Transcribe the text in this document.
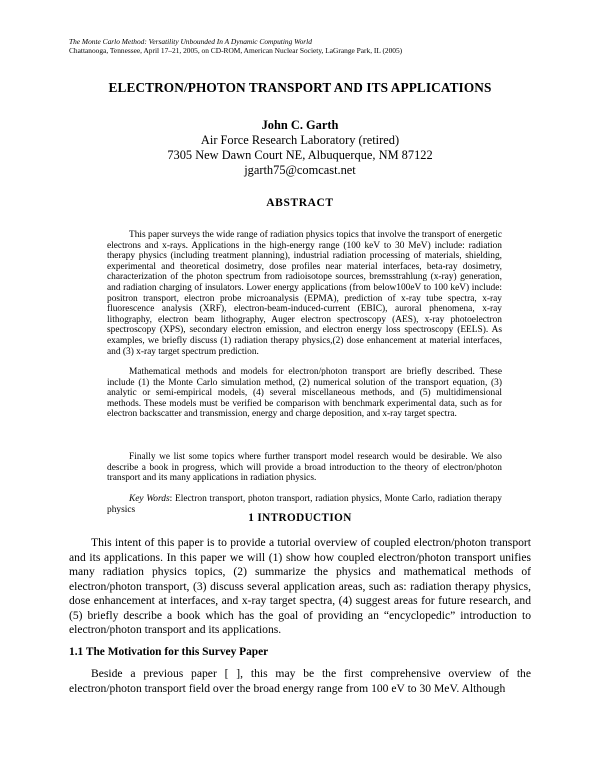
The Monte Carlo Method: Versatility Unbounded In A Dynamic Computing World
Chattanooga, Tennessee, April 17–21, 2005, on CD-ROM, American Nuclear Society, LaGrange Park, IL (2005)
ELECTRON/PHOTON TRANSPORT AND ITS APPLICATIONS
John C. Garth
Air Force Research Laboratory (retired)
7305 New Dawn Court NE, Albuquerque, NM 87122
jgarth75@comcast.net
ABSTRACT

This paper surveys the wide range of radiation physics topics that involve the transport of energetic electrons and x-rays. Applications in the high-energy range (100 keV to 30 MeV) include: radiation therapy physics (including treatment planning), industrial radiation processing of materials, shielding, experimental and theoretical dosimetry, dose profiles near material interfaces, beta-ray dosimetry, characterization of the photon spectrum from radioisotope sources, bremsstrahlung (x-ray) generation, and radiation charging of insulators. Lower energy applications (from below100eV to 100 keV) include: positron transport, electron probe microanalysis (EPMA), prediction of x-ray tube spectra, x-ray fluorescence analysis (XRF), electron-beam-induced-current (EBIC), auroral phenomena, x-ray lithography, electron beam lithography, Auger electron spectroscopy (AES), x-ray photoelectron spectroscopy (XPS), secondary electron emission, and electron energy loss spectroscopy (EELS). As examples, we briefly discuss (1) radiation therapy physics,(2) dose enhancement at material interfaces, and (3) x-ray target spectrum prediction.

Mathematical methods and models for electron/photon transport are briefly described. These include (1) the Monte Carlo simulation method, (2) numerical solution of the transport equation, (3) analytic or semi-empirical models, (4) several miscellaneous methods, and (5) multidimensional methods. These models must be verified be comparison with benchmark experimental data, such as for electron backscatter and transmission, energy and charge deposition, and x-ray target spectra.

Finally we list some topics where further transport model research would be desirable. We also describe a book in progress, which will provide a broad introduction to the theory of electron/photon transport and its many applications in radiation physics.

Key Words: Electron transport, photon transport, radiation physics, Monte Carlo, radiation therapy physics

1 INTRODUCTION

This intent of this paper is to provide a tutorial overview of coupled electron/photon transport and its applications. In this paper we will (1) show how coupled electron/photon transport unifies many radiation physics topics, (2) summarize the physics and mathematical methods of electron/photon transport, (3) discuss several application areas, such as: radiation therapy physics, dose enhancement at interfaces, and x-ray target spectra, (4) suggest areas for future research, and (5) briefly describe a book which has the goal of providing an “encyclopedic” introduction to electron/photon transport and its applications.

1.1 The Motivation for this Survey Paper

Beside a previous paper [ ], this may be the first comprehensive overview of the electron/photon transport field over the broad energy range from 100 eV to 30 MeV. Although
